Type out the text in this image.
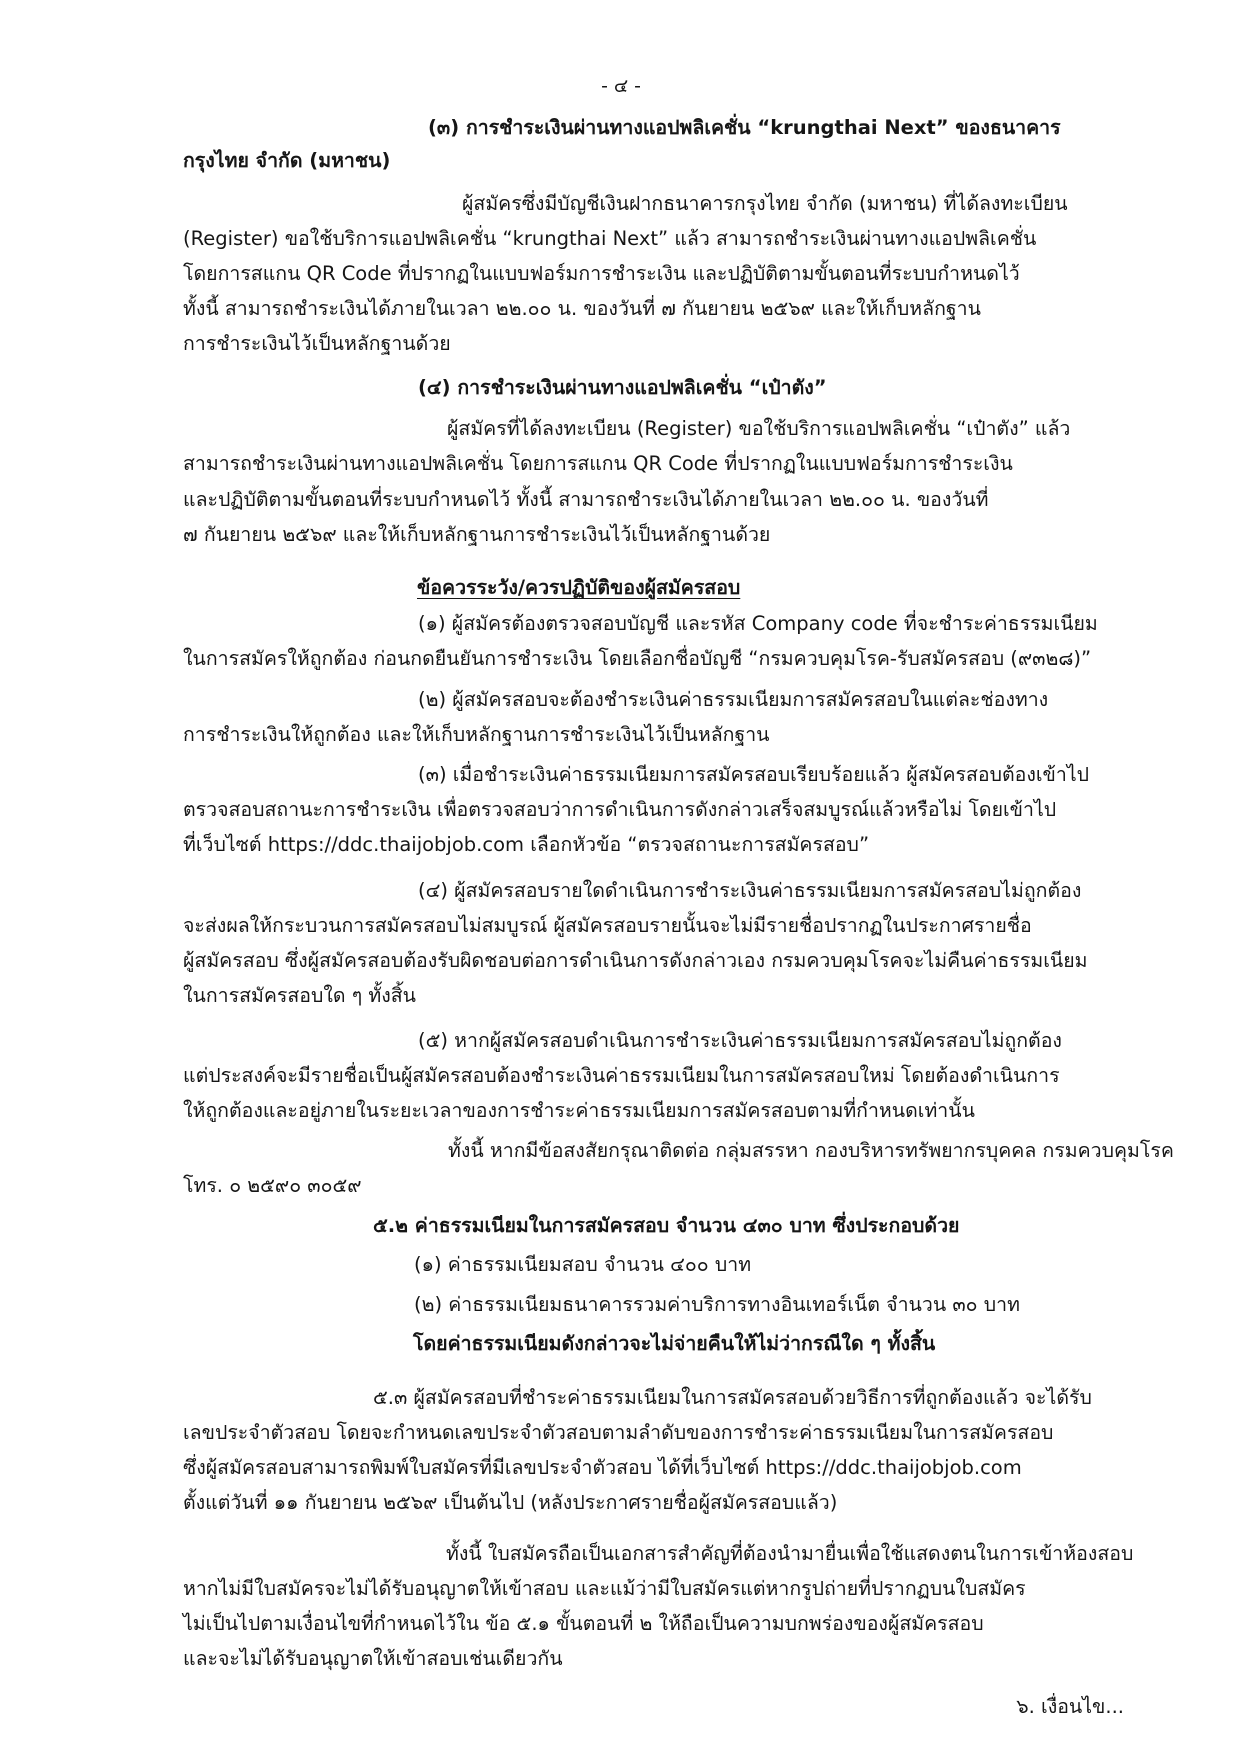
- ๔ -
(๓) การชำระเงินผ่านทางแอปพลิเคชั่น “krungthai Next” ของธนาคาร
กรุงไทย จำกัด (มหาชน)
ผู้สมัครซึ่งมีบัญชีเงินฝากธนาคารกรุงไทย จำกัด (มหาชน) ที่ได้ลงทะเบียน
(Register) ขอใช้บริการแอปพลิเคชั่น “krungthai Next” แล้ว สามารถชำระเงินผ่านทางแอปพลิเคชั่น
โดยการสแกน QR Code ที่ปรากฏในแบบฟอร์มการชำระเงิน และปฏิบัติตามขั้นตอนที่ระบบกำหนดไว้
ทั้งนี้ สามารถชำระเงินได้ภายในเวลา ๒๒.๐๐ น. ของวันที่ ๗ กันยายน ๒๕๖๙ และให้เก็บหลักฐาน
การชำระเงินไว้เป็นหลักฐานด้วย
(๔) การชำระเงินผ่านทางแอปพลิเคชั่น “เป๋าตัง”
ผู้สมัครที่ได้ลงทะเบียน (Register) ขอใช้บริการแอปพลิเคชั่น “เป๋าตัง” แล้ว
สามารถชำระเงินผ่านทางแอปพลิเคชั่น โดยการสแกน QR Code ที่ปรากฏในแบบฟอร์มการชำระเงิน
และปฏิบัติตามขั้นตอนที่ระบบกำหนดไว้ ทั้งนี้ สามารถชำระเงินได้ภายในเวลา ๒๒.๐๐ น. ของวันที่
๗ กันยายน ๒๕๖๙ และให้เก็บหลักฐานการชำระเงินไว้เป็นหลักฐานด้วย
ข้อควรระวัง/ควรปฏิบัติของผู้สมัครสอบ
(๑) ผู้สมัครต้องตรวจสอบบัญชี และรหัส Company code ที่จะชำระค่าธรรมเนียม
ในการสมัครให้ถูกต้อง ก่อนกดยืนยันการชำระเงิน โดยเลือกชื่อบัญชี “กรมควบคุมโรค-รับสมัครสอบ (๙๓๒๘)”
(๒) ผู้สมัครสอบจะต้องชำระเงินค่าธรรมเนียมการสมัครสอบในแต่ละช่องทาง
การชำระเงินให้ถูกต้อง และให้เก็บหลักฐานการชำระเงินไว้เป็นหลักฐาน
(๓) เมื่อชำระเงินค่าธรรมเนียมการสมัครสอบเรียบร้อยแล้ว ผู้สมัครสอบต้องเข้าไป
ตรวจสอบสถานะการชำระเงิน เพื่อตรวจสอบว่าการดำเนินการดังกล่าวเสร็จสมบูรณ์แล้วหรือไม่ โดยเข้าไป
ที่เว็บไซต์ https://ddc.thaijobjob.com เลือกหัวข้อ “ตรวจสถานะการสมัครสอบ”
(๔) ผู้สมัครสอบรายใดดำเนินการชำระเงินค่าธรรมเนียมการสมัครสอบไม่ถูกต้อง
จะส่งผลให้กระบวนการสมัครสอบไม่สมบูรณ์ ผู้สมัครสอบรายนั้นจะไม่มีรายชื่อปรากฏในประกาศรายชื่อ
ผู้สมัครสอบ ซึ่งผู้สมัครสอบต้องรับผิดชอบต่อการดำเนินการดังกล่าวเอง กรมควบคุมโรคจะไม่คืนค่าธรรมเนียม
ในการสมัครสอบใด ๆ ทั้งสิ้น
(๕) หากผู้สมัครสอบดำเนินการชำระเงินค่าธรรมเนียมการสมัครสอบไม่ถูกต้อง
แต่ประสงค์จะมีรายชื่อเป็นผู้สมัครสอบต้องชำระเงินค่าธรรมเนียมในการสมัครสอบใหม่ โดยต้องดำเนินการ
ให้ถูกต้องและอยู่ภายในระยะเวลาของการชำระค่าธรรมเนียมการสมัครสอบตามที่กำหนดเท่านั้น
ทั้งนี้ หากมีข้อสงสัยกรุณาติดต่อ กลุ่มสรรหา กองบริหารทรัพยากรบุคคล กรมควบคุมโรค
โทร. ๐ ๒๕๙๐ ๓๐๕๙
๕.๒ ค่าธรรมเนียมในการสมัครสอบ จำนวน ๔๓๐ บาท ซึ่งประกอบด้วย
(๑) ค่าธรรมเนียมสอบ จำนวน ๔๐๐ บาท
(๒) ค่าธรรมเนียมธนาคารรวมค่าบริการทางอินเทอร์เน็ต จำนวน ๓๐ บาท
โดยค่าธรรมเนียมดังกล่าวจะไม่จ่ายคืนให้ไม่ว่ากรณีใด ๆ ทั้งสิ้น
๕.๓ ผู้สมัครสอบที่ชำระค่าธรรมเนียมในการสมัครสอบด้วยวิธีการที่ถูกต้องแล้ว จะได้รับ
เลขประจำตัวสอบ โดยจะกำหนดเลขประจำตัวสอบตามลำดับของการชำระค่าธรรมเนียมในการสมัครสอบ
ซึ่งผู้สมัครสอบสามารถพิมพ์ใบสมัครที่มีเลขประจำตัวสอบ ได้ที่เว็บไซต์ https://ddc.thaijobjob.com
ตั้งแต่วันที่ ๑๑ กันยายน ๒๕๖๙ เป็นต้นไป (หลังประกาศรายชื่อผู้สมัครสอบแล้ว)
ทั้งนี้ ใบสมัครถือเป็นเอกสารสำคัญที่ต้องนำมายื่นเพื่อใช้แสดงตนในการเข้าห้องสอบ
หากไม่มีใบสมัครจะไม่ได้รับอนุญาตให้เข้าสอบ และแม้ว่ามีใบสมัครแต่หากรูปถ่ายที่ปรากฏบนใบสมัคร
ไม่เป็นไปตามเงื่อนไขที่กำหนดไว้ใน ข้อ ๕.๑ ขั้นตอนที่ ๒ ให้ถือเป็นความบกพร่องของผู้สมัครสอบ
และจะไม่ได้รับอนุญาตให้เข้าสอบเช่นเดียวกัน
๖. เงื่อนไข...
